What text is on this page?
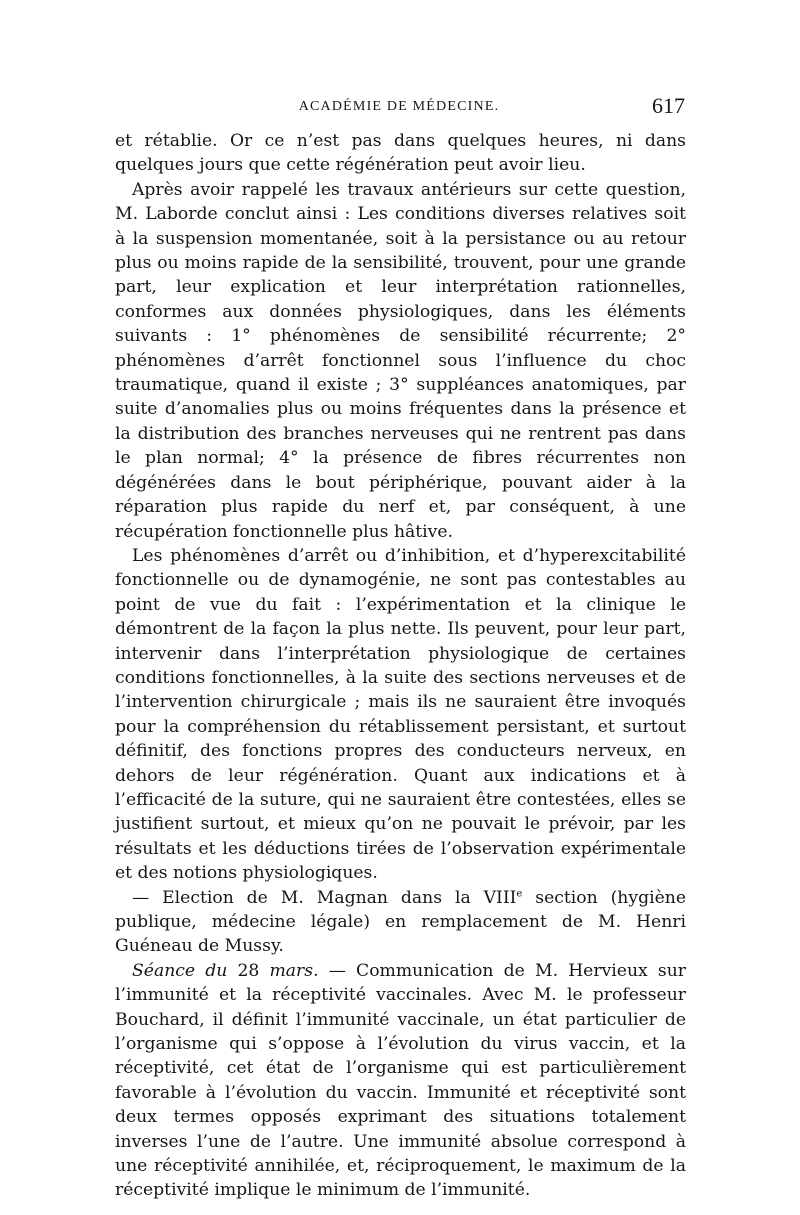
ACADÉMIE DE MÉDECINE.	617

et rétablie. Or ce n’est pas dans quelques heures, ni dans quelques jours que cette régénération peut avoir lieu.

Après avoir rappelé les travaux antérieurs sur cette question, M. Laborde conclut ainsi : Les conditions diverses relatives soit à la suspension momentanée, soit à la persistance ou au retour plus ou moins rapide de la sensibilité, trouvent, pour une grande part, leur explication et leur interprétation rationnelles, conformes aux données physiologiques, dans les éléments suivants : 1° phénomènes de sensibilité récurrente; 2° phénomènes d’arrêt fonctionnel sous l’influence du choc traumatique, quand il existe ; 3° suppléances anatomiques, par suite d’anomalies plus ou moins fréquentes dans la présence et la distribution des branches nerveuses qui ne rentrent pas dans le plan normal; 4° la présence de fibres récurrentes non dégénérées dans le bout périphérique, pouvant aider à la réparation plus rapide du nerf et, par conséquent, à une récupération fonctionnelle plus hâtive.

Les phénomènes d’arrêt ou d’inhibition, et d’hyperexcitabilité fonctionnelle ou de dynamogénie, ne sont pas contestables au point de vue du fait : l’expérimentation et la clinique le démontrent de la façon la plus nette. Ils peuvent, pour leur part, intervenir dans l’interprétation physiologique de certaines conditions fonctionnelles, à la suite des sections nerveuses et de l’intervention chirurgicale ; mais ils ne sauraient être invoqués pour la compréhension du rétablissement persistant, et surtout définitif, des fonctions propres des conducteurs nerveux, en dehors de leur régénération. Quant aux indications et à l’efficacité de la suture, qui ne sauraient être contestées, elles se justifient surtout, et mieux qu’on ne pouvait le prévoir, par les résultats et les déductions tirées de l’observation expérimentale et des notions physiologiques.

— Election de M. Magnan dans la VIIIe section (hygiène publique, médecine légale) en remplacement de M. Henri Guéneau de Mussy.

Séance du 28 mars. — Communication de M. Hervieux sur l’immunité et la réceptivité vaccinales. Avec M. le professeur Bouchard, il définit l’immunité vaccinale, un état particulier de l’organisme qui s’oppose à l’évolution du virus vaccin, et la réceptivité, cet état de l’organisme qui est particulièrement favorable à l’évolution du vaccin. Immunité et réceptivité sont deux termes opposés exprimant des situations totalement inverses l’une de l’autre. Une immunité absolue correspond à une réceptivité annihilée, et, réciproquement, le maximum de la réceptivité implique le minimum de l’immunité.
